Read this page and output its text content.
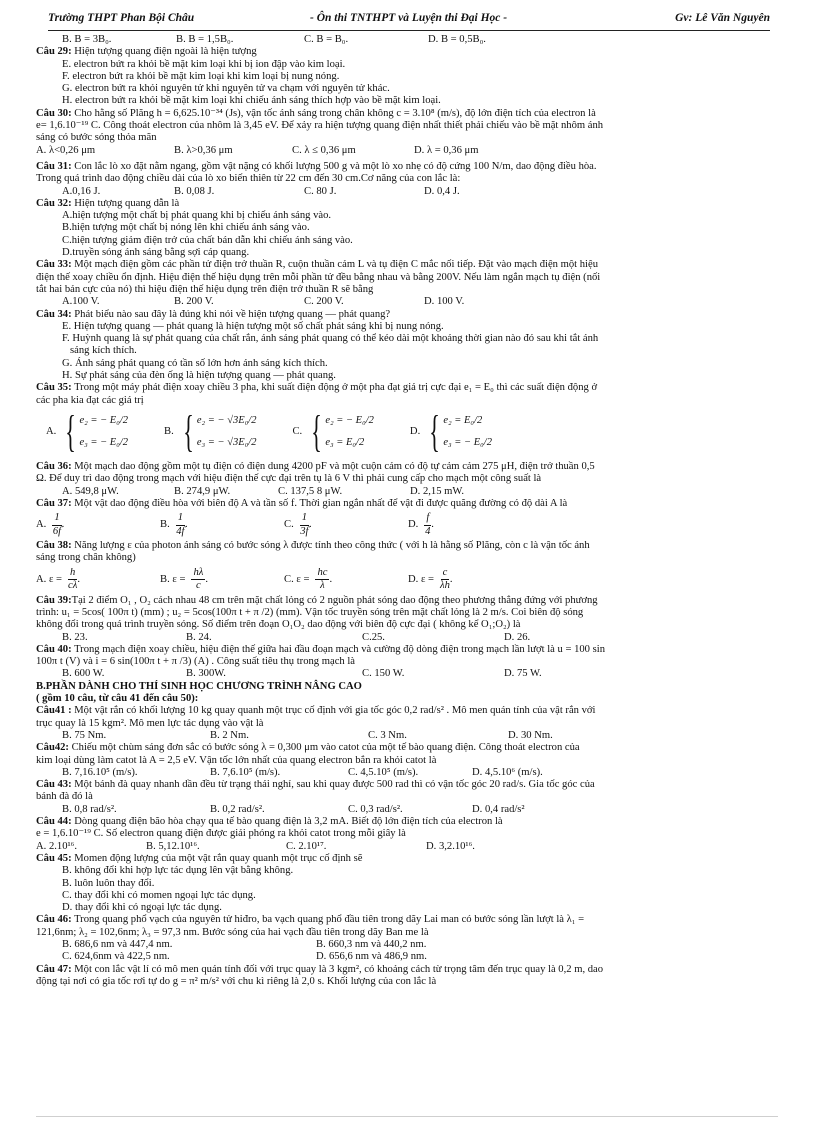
Trường THPT Phan Bội Châu	- Ôn thi TNTHPT và Luyện thi Đại Học -	Gv: Lê Văn Nguyên
B. B = 3B₀.	B. B = 1,5B₀.	C. B = B₀.	D. B = 0,5B₀.
Câu 29: Hiện tượng quang điện ngoài là hiện tượng
E. electron bứt ra khỏi bề mặt kim loại khi bị ion đập vào kim loại.
F. electron bứt ra khỏi bề mặt kim loại khi kim loại bị nung nóng.
G. electron bứt ra khỏi nguyên tử khi nguyên tử va chạm với nguyên tử khác.
H. electron bứt ra khỏi bề mặt kim loại khi chiếu ánh sáng thích hợp vào bề mặt kim loại.
Câu 30: Cho hằng số Plăng h = 6,625.10⁻³⁴ (Js), vận tốc ánh sáng trong chân không c = 3.10⁸ (m/s), độ lớn điện tích của electron là
e= 1,6.10⁻¹⁹ C. Công thoát electron của nhôm là 3,45 eV. Để xảy ra hiện tượng quang điện nhất thiết phải chiếu vào bề mặt nhôm ánh
sáng có bước sóng thỏa mãn
A. λ<0,26 μm	B. λ>0,36 μm	C. λ ≤ 0,36 μm	D. λ = 0,36 μm
Câu 31: Con lắc lò xo đặt nằm ngang, gồm vật nặng có khối lượng 500 g và một lò xo nhẹ có độ cứng 100 N/m, dao động điều hòa.
Trong quá trình dao động chiều dài của lò xo biến thiên từ 22 cm đến 30 cm.Cơ năng của con lắc là:
A.0,16 J.	B. 0,08 J.	C. 80 J.	D. 0,4 J.
Câu 32: Hiện tượng quang dẫn là
A.hiện tượng một chất bị phát quang khi bị chiếu ánh sáng vào.
B.hiện tượng một chất bị nóng lên khi chiếu ánh sáng vào.
C.hiện tượng giảm điện trở của chất bán dẫn khi chiếu ánh sáng vào.
D.truyền sóng ánh sáng bằng sợi cáp quang.
Câu 33: Một mạch điện gồm các phần tử điện trở thuần R, cuộn thuần cảm L và tụ điện C mắc nối tiếp. Đặt vào mạch điện một hiệu
điện thế xoay chiều ổn định. Hiệu điện thế hiệu dụng trên mỗi phần tử đều bằng nhau và bằng 200V. Nếu làm ngắn mạch tụ điện (nối
tắt hai bản cực của nó) thì hiệu điện thế hiệu dụng trên điện trở thuần R sẽ bằng
A.100 V.	B. 200 V.	C. 200 V.	D. 100 V.
Câu 34: Phát biểu nào sau đây là đúng khi nói về hiện tượng quang — phát quang?
E. Hiện tượng quang — phát quang là hiện tượng một số chất phát sáng khi bị nung nóng.
F. Huỳnh quang là sự phát quang của chất rắn, ánh sáng phát quang có thể kéo dài một khoảng thời gian nào đó sau khi tắt ánh
sáng kích thích.
G. Ánh sáng phát quang có tần số lớn hơn ánh sáng kích thích.
H. Sự phát sáng của đèn ống là hiện tượng quang — phát quang.
Câu 35: Trong một máy phát điện xoay chiều 3 pha, khi suất điện động ở một pha đạt giá trị cực đại e₁ = E₀ thì các suất điện động ở
các pha kia đạt các giá trị
A. { e₂ = − E₀/2
e₃ = − E₀/2
B. { e₂ = − √3E₀/2
e₃ = − √3E₀/2
C. { e₂ = − E₀/2
e₃ = E₀/2
D. { e₂ = E₀/2
e₃ = − E₀/2
Câu 36: Một mạch dao động gồm một tụ điện có điện dung 4200 pF và một cuộn cảm có độ tự cảm cảm 275 μH, điện trở thuần 0,5
Ω. Để duy trì dao động trong mạch với hiệu điện thế cực đại trên tụ là 6 V thì phải cung cấp cho mạch một công suất là
A. 549,8 μW.	B. 274,9 μW.	C. 137,5 8 μW.	D. 2,15 mW.
Câu 37: Một vật dao động điều hòa với biên độ A và tần số f. Thời gian ngắn nhất để vật đi được quãng đường có độ dài A là
A. $\frac{1}{6f}$ .	B. $\frac{1}{4f}$ .	C. $\frac{1}{3f}$ .	D. $\frac{f}{4}$ .
Câu 38: Năng lượng ε của photon ánh sáng có bước sóng λ được tính theo công thức ( với h là hằng số Plăng, còn c là vận tốc ánh
sáng trong chân không)
A. $\varepsilon = \frac{h}{c\lambda}$ .	B. $\varepsilon = \frac{h\lambda}{c}$ .	C. $\varepsilon = \frac{hc}{\lambda}$ .	D. $\varepsilon = \frac{c}{\lambda h}$ .
Câu 39:Tại 2 điểm O₁ , O₂ cách nhau 48 cm trên mặt chất lỏng có 2 nguồn phát sóng dao động theo phương thẳng đứng với phương
trình: u₁ = 5cos( 100π t) (mm) ; u₂ = 5cos(100π t + π /2) (mm). Vận tốc truyền sóng trên mặt chất lỏng là 2 m/s. Coi biên độ sóng
không đổi trong quá trình truyền sóng. Số điểm trên đoạn O₁O₂ dao động với biên độ cực đại ( không kể O₁;O₂) là
B. 23.	B. 24.	C.25.	D. 26.
Câu 40: Trong mạch điện xoay chiều, hiệu điện thế giữa hai đầu đoạn mạch và cường độ dòng điện trong mạch lần lượt là u = 100 sin
100π t (V) và i = 6 sin(100π t + π /3) (A) . Công suất tiêu thụ trong mạch là
B. 600 W.	B. 300W.	C. 150 W.	D. 75 W.
B.PHẦN DÀNH CHO THÍ SINH HỌC CHƯƠNG TRÌNH NÂNG CAO
( gồm 10 câu, từ câu 41 đến câu 50):
Câu41 : Một vật rắn có khối lượng 10 kg quay quanh một trục cố định với gia tốc góc 0,2 rad/s² . Mô men quán tính của vật rắn với
trục quay là 15 kgm². Mô men lực tác dụng vào vật là
B. 75 Nm.	B. 2 Nm.	C. 3 Nm.	D. 30 Nm.
Câu42: Chiếu một chùm sáng đơn sắc có bước sóng λ = 0,300 μm vào catot của một tế bào quang điện. Công thoát electron của
kim loại dùng làm catot là A = 2,5 eV. Vận tốc lớn nhất của quang electron bắn ra khỏi catot là
B. 7,16.10⁵ (m/s).	B. 7,6.10⁵ (m/s).	C. 4,5.10⁵ (m/s).	D. 4,5.10⁶ (m/s).
Câu 43: Một bánh đà quay nhanh dần đều từ trạng thái nghỉ, sau khi quay được 500 rad thì có vận tốc góc 20 rad/s. Gia tốc góc của
bánh đà đó là
B. 0,8 rad/s².	B. 0,2 rad/s².	C. 0,3 rad/s².	D. 0,4 rad/s²
Câu 44: Dòng quang điện bão hòa chạy qua tế bào quang điện là 3,2 mA. Biết độ lớn điện tích của electron là
e = 1,6.10⁻¹⁹ C. Số electron quang điện được giải phóng ra khỏi catot trong mỗi giây là
A. 2.10¹⁶.	B. 5,12.10¹⁶.	C. 2.10¹⁷.	D. 3,2.10¹⁶.
Câu 45: Momen động lượng của một vật rắn quay quanh một trục cố định sẽ
B. không đổi khi hợp lực tác dụng lên vật bằng không.
B. luôn luôn thay đổi.
C. thay đổi khi có momen ngoại lực tác dụng.
D. thay đổi khi có ngoại lực tác dụng.
Câu 46: Trong quang phổ vạch của nguyên tử hiđro, ba vạch quang phổ đầu tiên trong dãy Lai man có bước sóng lần lượt là λ₁ =
121,6nm; λ₂ = 102,6nm; λ₃ = 97,3 nm. Bước sóng của hai vạch đầu tiên trong dãy Ban me là
B. 686,6 nm và 447,4 nm.	B. 660,3 nm và 440,2 nm.
C. 624,6nm và 422,5 nm.	D. 656,6 nm và 486,9 nm.
Câu 47: Một con lắc vật lí có mô men quán tính đối với trục quay là 3 kgm², có khoảng cách từ trọng tâm đến trục quay là 0,2 m, dao
động tại nơi có gia tốc rơi tự do g = π² m/s² với chu kì riêng là 2,0 s. Khối lượng của con lắc là
